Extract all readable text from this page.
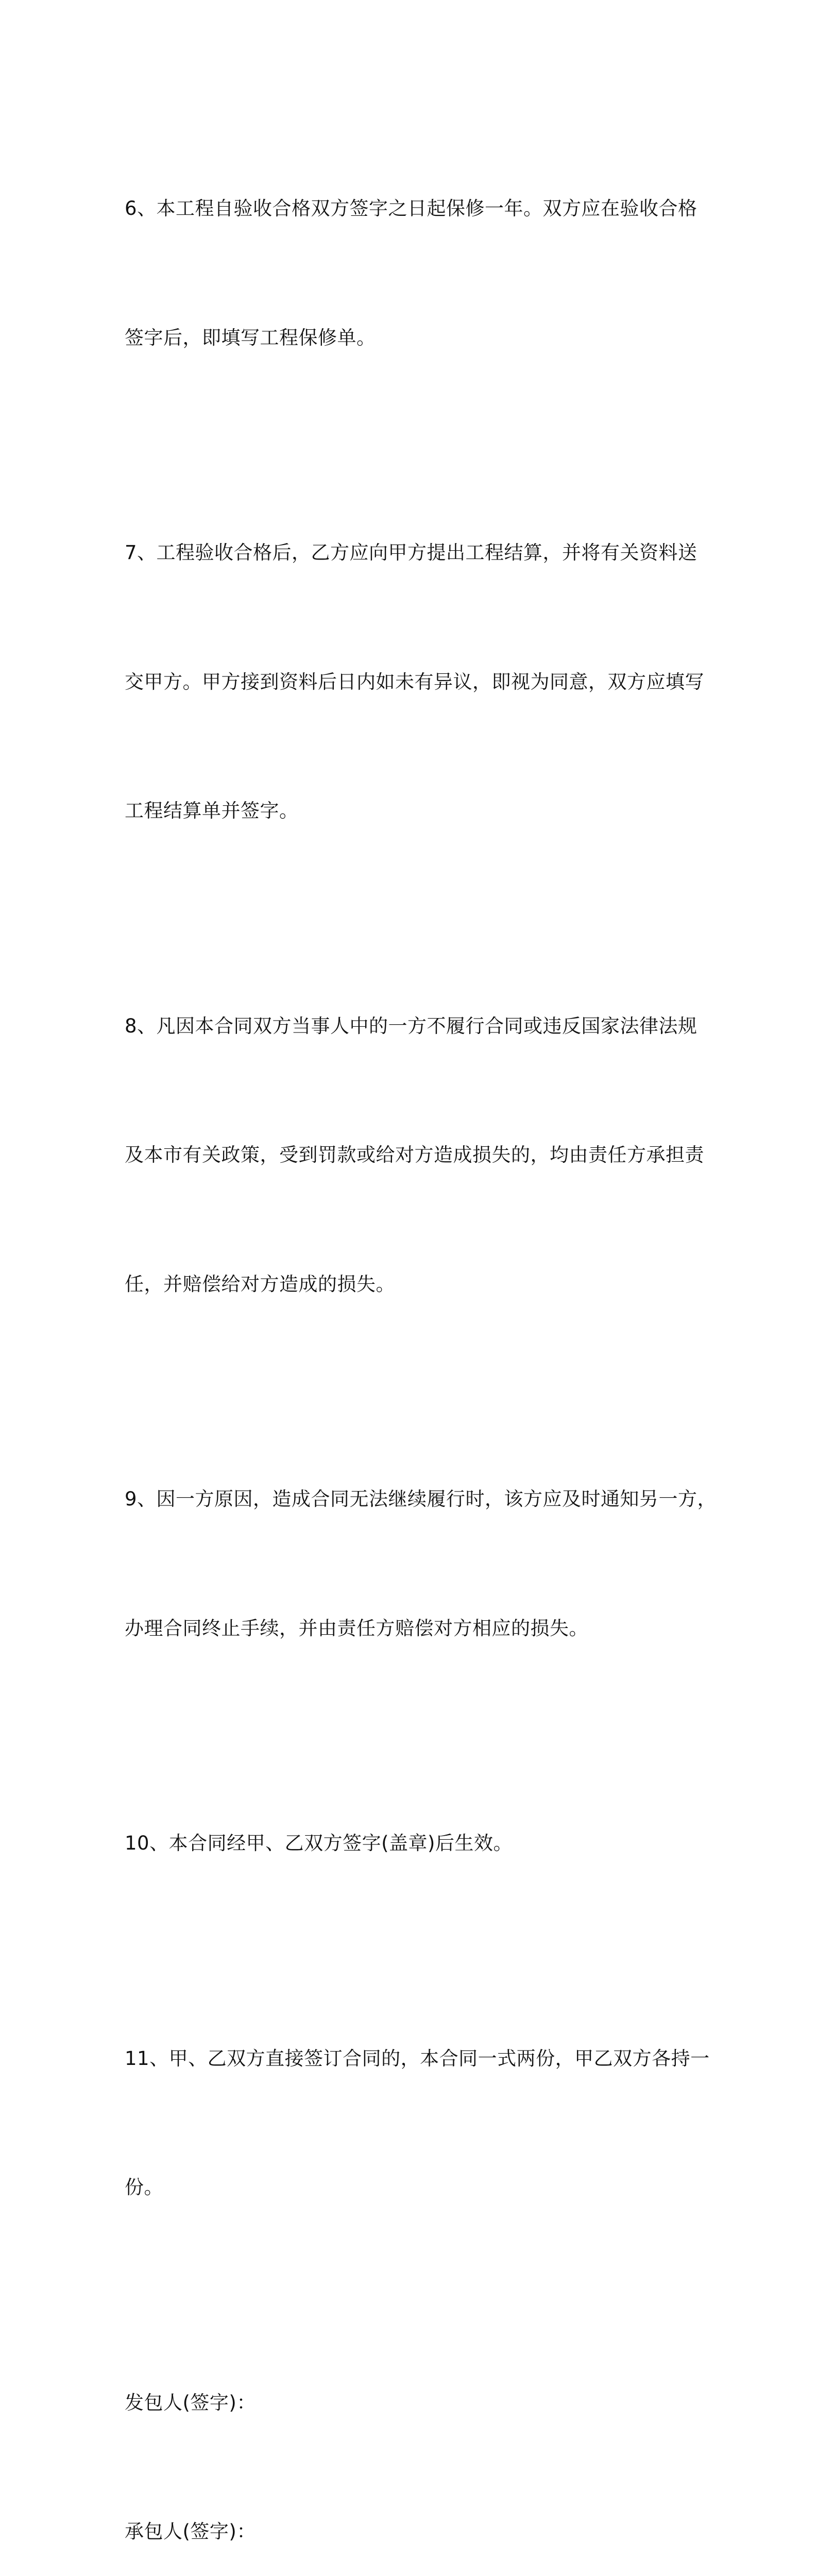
6、本工程自验收合格双方签字之日起保修一年。双方应在验收合格

签字后，即填写工程保修单。

7、工程验收合格后，乙方应向甲方提出工程结算，并将有关资料送

交甲方。甲方接到资料后日内如未有异议，即视为同意，双方应填写

工程结算单并签字。

8、凡因本合同双方当事人中的一方不履行合同或违反国家法律法规

及本市有关政策，受到罚款或给对方造成损失的，均由责任方承担责

任，并赔偿给对方造成的损失。

9、因一方原因，造成合同无法继续履行时，该方应及时通知另一方，

办理合同终止手续，并由责任方赔偿对方相应的损失。

10、本合同经甲、乙双方签字(盖章)后生效。

11、甲、乙双方直接签订合同的，本合同一式两份，甲乙双方各持一

份。

发包人(签字)：

承包人(签字)：
